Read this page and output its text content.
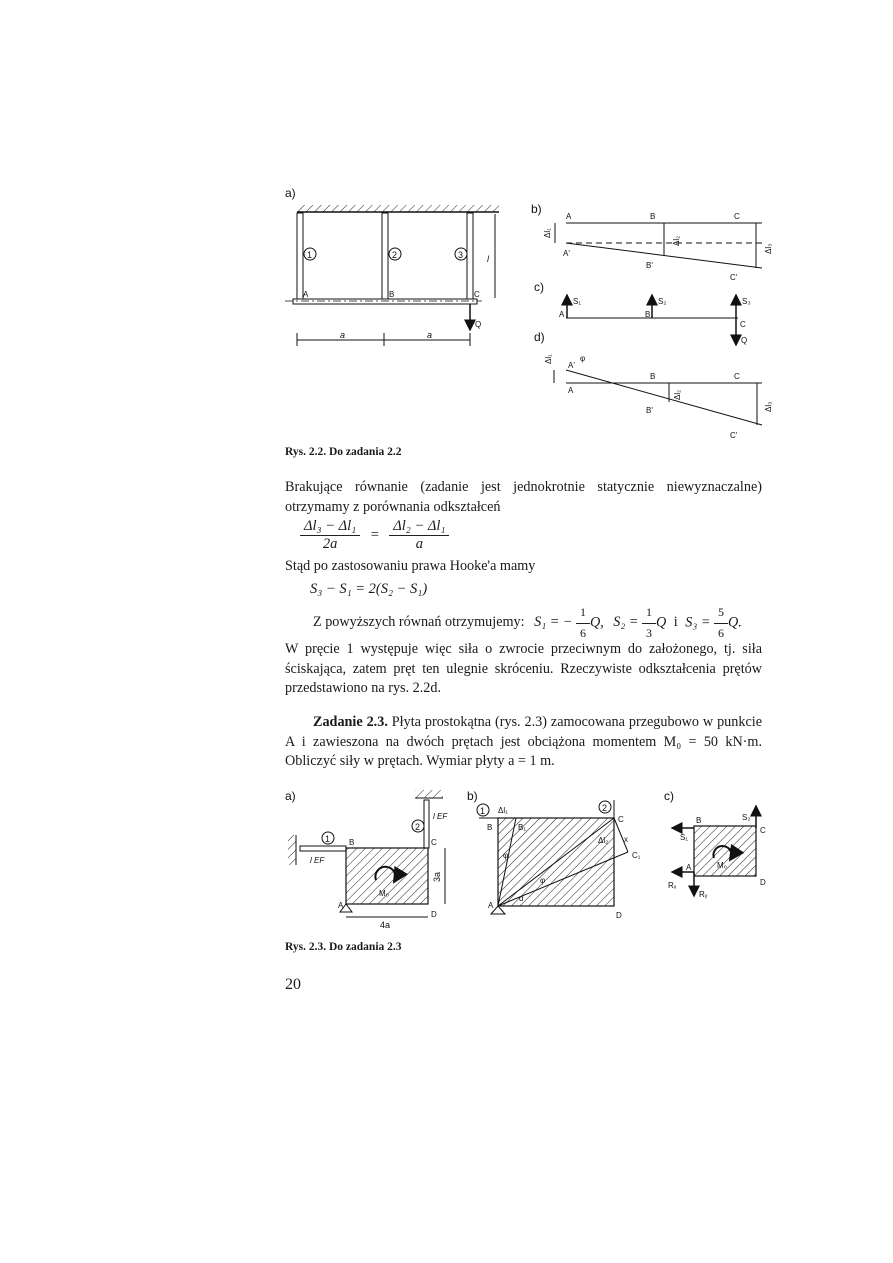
a)
1	2	3
A	B	C
l
Q
a	a
b)
A	B	C
A'
B'
C'
Δl₁
Δl₂
Δl₃
c)
S₁	S₂	S₃
A	B
C
Q
d)
A'
A
B	C
B'
C'
φ
Δl₁
Δl₂
Δl₃
a)
1
l EF
2
l EF
B	C
A
D
M₀
3a
4a
b)
1 Δl₁	2
B	B₁
C
C₁
x
Δl₂
φ
φ
α
A
D
c)
M₀
S₂
S₁
B
C
A
D
Rₓ
Rᵧ
Rys. 2.2. Do zadania 2.2
Brakujące równanie (zadanie jest jednokrotnie statycznie niewyznaczalne) otrzymamy z porównania odkształceń
$\frac{\text{Δl₃ − Δl₁}}{2a} = \frac{\text{Δl₂ − Δl₁}}{a}$
Stąd po zastosowaniu prawa Hooke'a mamy
S₃ − S₁ = 2(S₂ − S₁)
Z powyższych równań otrzymujemy: S₁ = − $\frac{1}{6} Q$, $S_2 = \frac{1}{3}$ Q i $S_3 = \frac{5}{6} Q$.
W pręcie 1 występuje więc siła o zwrocie przeciwnym do założonego, tj. siła ściskająca, zatem pręt ten ulegnie skróceniu. Rzeczywiste odkształcenia prętów przedstawiono na rys. 2.2d.
Zadanie 2.3. Płyta prostokątna (rys. 2.3) zamocowana przegubowo w punkcie A i zawieszona na dwóch prętach jest obciążona momentem M₀ = 50 kN·m. Obliczyć siły w prętach. Wymiar płyty a = 1 m.
Rys. 2.3. Do zadania 2.3
20
